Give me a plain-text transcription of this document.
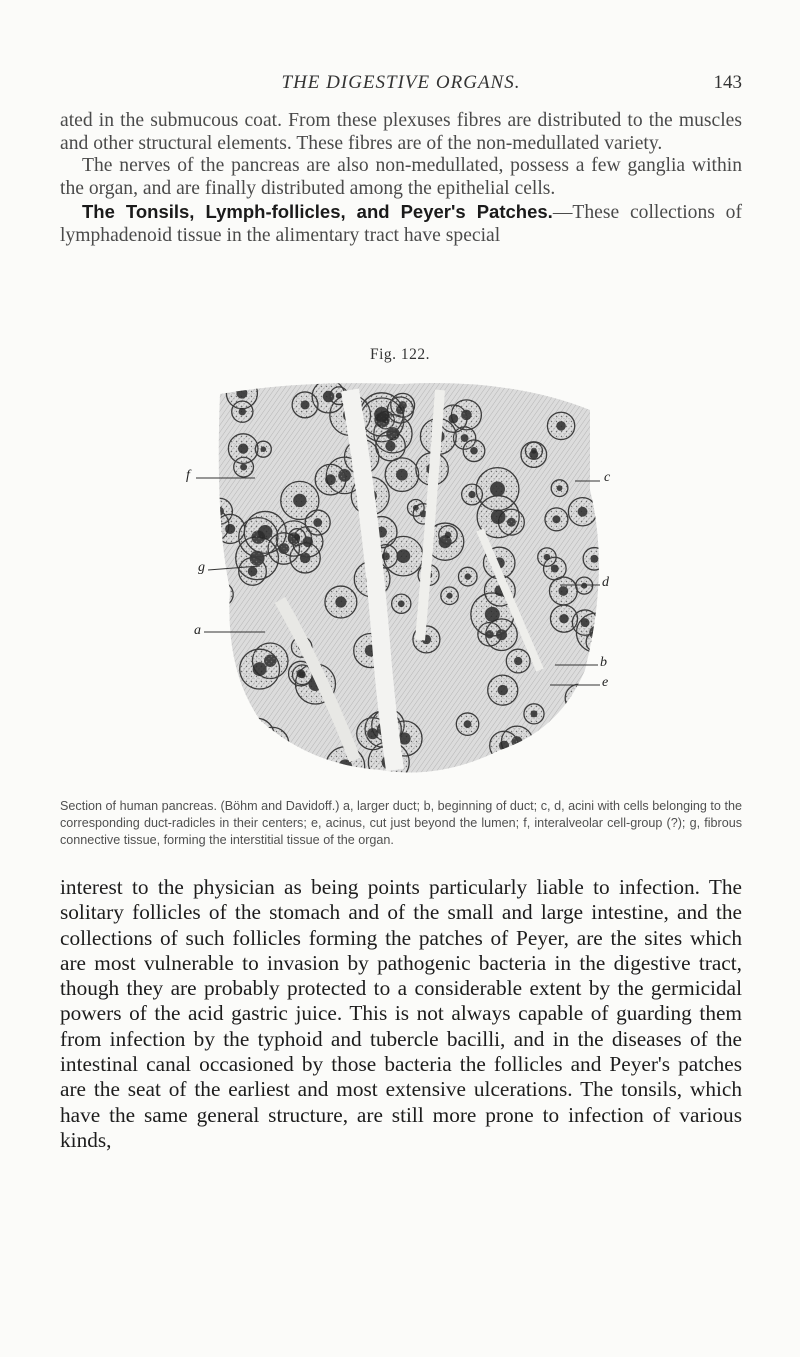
THE DIGESTIVE ORGANS.	143

ated in the submucous coat. From these plexuses fibres are distributed to the muscles and other structural elements. These fibres are of the non-medullated variety.

The nerves of the pancreas are also non-medullated, possess a few ganglia within the organ, and are finally distributed among the epithelial cells.

The Tonsils, Lymph-follicles, and Peyer's Patches.—These collections of lymphadenoid tissue in the alimentary tract have special

Fig. 122.
f	c
g
d
a
b
e
Section of human pancreas. (Böhm and Davidoff.) a, larger duct; b, beginning of duct; c, d, acini with cells belonging to the corresponding duct-radicles in their centers; e, acinus, cut just beyond the lumen; f, interalveolar cell-group (?); g, fibrous connective tissue, forming the interstitial tissue of the organ.

interest to the physician as being points particularly liable to infection. The solitary follicles of the stomach and of the small and large intestine, and the collections of such follicles forming the patches of Peyer, are the sites which are most vulnerable to invasion by pathogenic bacteria in the digestive tract, though they are probably protected to a considerable extent by the germicidal powers of the acid gastric juice. This is not always capable of guarding them from infection by the typhoid and tubercle bacilli, and in the diseases of the intestinal canal occasioned by those bacteria the follicles and Peyer's patches are the seat of the earliest and most extensive ulcerations. The tonsils, which have the same general structure, are still more prone to infection of various kinds,
